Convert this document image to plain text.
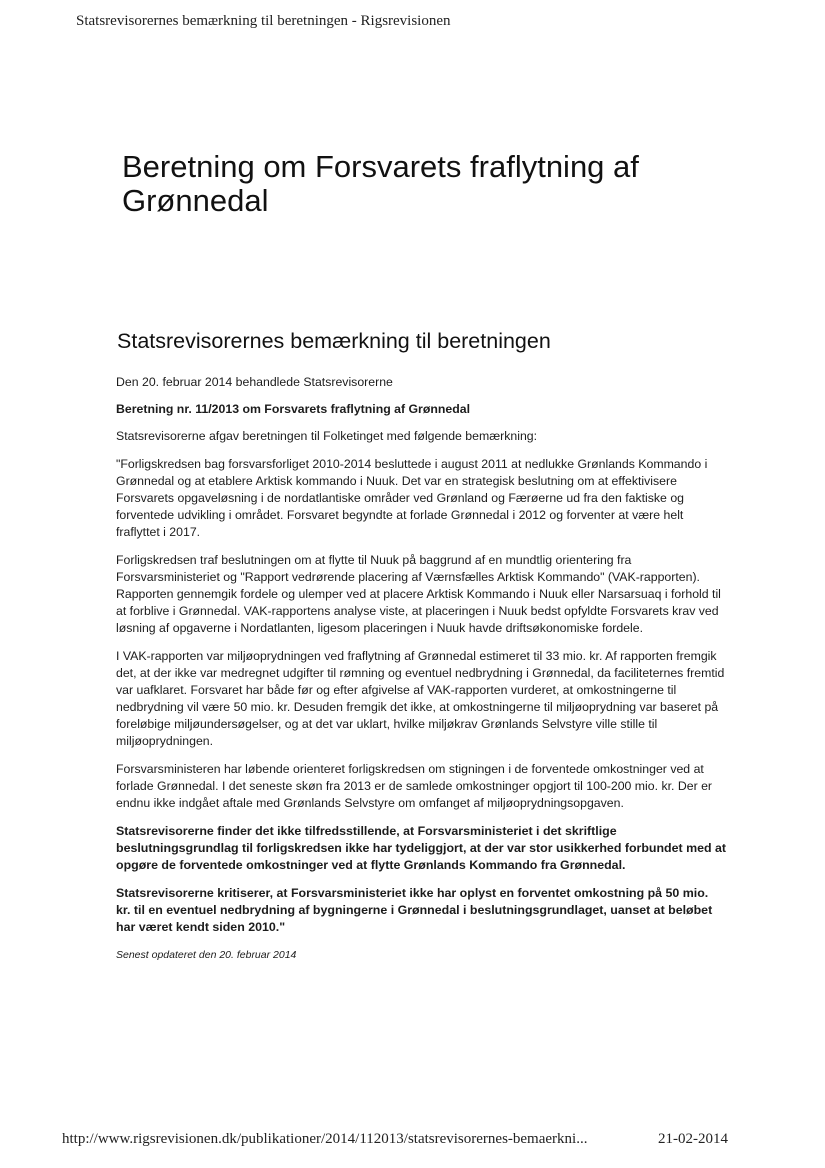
Statsrevisorernes bemærkning til beretningen - Rigsrevisionen
Beretning om Forsvarets fraflytning af Grønnedal
Statsrevisorernes bemærkning til beretningen

Den 20. februar 2014 behandlede Statsrevisorerne

Beretning nr. 11/2013 om Forsvarets fraflytning af Grønnedal

Statsrevisorerne afgav beretningen til Folketinget med følgende bemærkning:

"Forligskredsen bag forsvarsforliget 2010-2014 besluttede i august 2011 at nedlukke Grønlands Kommando i Grønnedal og at etablere Arktisk kommando i Nuuk. Det var en strategisk beslutning om at effektivisere Forsvarets opgaveløsning i de nordatlantiske områder ved Grønland og Færøerne ud fra den faktiske og forventede udvikling i området. Forsvaret begyndte at forlade Grønnedal i 2012 og forventer at være helt fraflyttet i 2017.

Forligskredsen traf beslutningen om at flytte til Nuuk på baggrund af en mundtlig orientering fra Forsvarsministeriet og "Rapport vedrørende placering af Værnsfælles Arktisk Kommando" (VAK-rapporten). Rapporten gennemgik fordele og ulemper ved at placere Arktisk Kommando i Nuuk eller Narsarsuaq i forhold til at forblive i Grønnedal. VAK-rapportens analyse viste, at placeringen i Nuuk bedst opfyldte Forsvarets krav ved løsning af opgaverne i Nordatlanten, ligesom placeringen i Nuuk havde driftsøkonomiske fordele.

I VAK-rapporten var miljøoprydningen ved fraflytning af Grønnedal estimeret til 33 mio. kr. Af rapporten fremgik det, at der ikke var medregnet udgifter til rømning og eventuel nedbrydning i Grønnedal, da faciliteternes fremtid var uafklaret. Forsvaret har både før og efter afgivelse af VAK-rapporten vurderet, at omkostningerne til nedbrydning vil være 50 mio. kr. Desuden fremgik det ikke, at omkostningerne til miljøoprydning var baseret på foreløbige miljøundersøgelser, og at det var uklart, hvilke miljøkrav Grønlands Selvstyre ville stille til miljøoprydningen.

Forsvarsministeren har løbende orienteret forligskredsen om stigningen i de forventede omkostninger ved at forlade Grønnedal. I det seneste skøn fra 2013 er de samlede omkostninger opgjort til 100-200 mio. kr. Der er endnu ikke indgået aftale med Grønlands Selvstyre om omfanget af miljøoprydningsopgaven.

Statsrevisorerne finder det ikke tilfredsstillende, at Forsvarsministeriet i det skriftlige beslutningsgrundlag til forligskredsen ikke har tydeliggjort, at der var stor usikkerhed forbundet med at opgøre de forventede omkostninger ved at flytte Grønlands Kommando fra Grønnedal.

Statsrevisorerne kritiserer, at Forsvarsministeriet ikke har oplyst en forventet omkostning på 50 mio. kr. til en eventuel nedbrydning af bygningerne i Grønnedal i beslutningsgrundlaget, uanset at beløbet har været kendt siden 2010."

Senest opdateret den 20. februar 2014

http://www.rigsrevisionen.dk/publikationer/2014/112013/statsrevisorernes-bemaerkni...	21-02-2014
